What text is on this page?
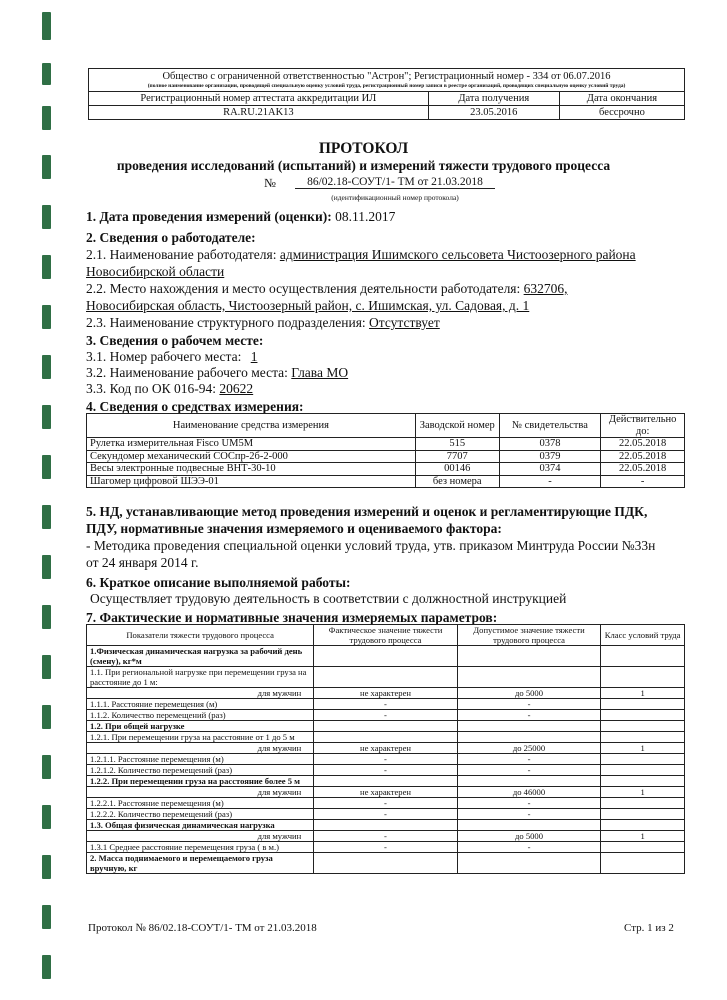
Общество с ограниченной ответственностью "Астрон"; Регистрационный номер - 334 от 06.07.2016
(полное наименование организации, проводящей специальную оценку условий труда, регистрационный номер записи в реестре организаций, проводящих специальную оценку условий труда)		

Регистрационный номер аттестата аккредитации ИЛ	Дата получения	Дата окончания
RA.RU.21AK13	23.05.2016	бессрочно
ПРОТОКОЛ
проведения исследований (испытаний) и измерений тяжести трудового процесса
№	86/02.18-СОУТ/1- ТМ от 21.03.2018
(идентификационный номер протокола)
1. Дата проведения измерений (оценки): 08.11.2017
2. Сведения о работодателе:
2.1. Наименование работодателя: администрация Ишимского сельсовета Чистоозерного района
Новосибирской области
2.2. Место нахождения и место осуществления деятельности работодателя: 632706,
Новосибирская область, Чистоозерный район, с. Ишимская, ул. Садовая, д. 1
2.3. Наименование структурного подразделения: Отсутствует
3. Сведения о рабочем месте:
3.1. Номер рабочего места: 1
3.2. Наименование рабочего места: Глава МО
3.3. Код по ОК 016-94: 20622
4. Сведения о средствах измерения:
Наименование средства измерения	Заводской номер	№ свидетельства	Действительно до:
Рулетка измерительная Fisco UM5M	515	0378	22.05.2018
Секундомер механический СОСпр-2б-2-000	7707	0379	22.05.2018
Весы электронные подвесные ВНТ-30-10	00146	0374	22.05.2018
Шагомер цифровой ШЭЭ-01	без номера	-	-
5. НД, устанавливающие метод проведения измерений и оценок и регламентирующие ПДК,
ПДУ, нормативные значения измеряемого и оцениваемого фактора:
- Методика проведения специальной оценки условий труда, утв. приказом Минтруда России №33н
от 24 января 2014 г.
6. Краткое описание выполняемой работы:
Осуществляет трудовую деятельность в соответствии с должностной инструкцией
7. Фактические и нормативные значения измеряемых параметров:
Показатели тяжести трудового процесса	Фактическое значение тяжести трудового процесса	Допустимое значение тяжести трудового процесса	Класс условий труда
1.Физическая динамическая нагрузка за рабочий день (смену), кг*м			
1.1. При региональной нагрузке при перемещении груза на расстояние до 1 м:			
для мужчин	не характерен	до 5000	1
1.1.1. Расстояние перемещения (м)	-	-	
1.1.2. Количество перемещений (раз)	-	-	
1.2. При общей нагрузке			
1.2.1. При перемещении груза на расстояние от 1 до 5 м			
для мужчин	не характерен	до 25000	1
1.2.1.1. Расстояние перемещения (м)	-	-	
1.2.1.2. Количество перемещений (раз)	-	-	
1.2.2. При перемещении груза на расстояние более 5 м			
для мужчин	не характерен	до 46000	1
1.2.2.1. Расстояние перемещения (м)	-	-	
1.2.2.2. Количество перемещений (раз)	-	-	
1.3. Общая физическая динамическая нагрузка			
для мужчин	-	до 5000	1
1.3.1 Среднее расстояние перемещения груза ( в м.)	-	-	
2. Масса поднимаемого и перемещаемого груза вручную, кг			
Протокол № 86/02.18-СОУТ/1- ТМ от 21.03.2018	Стр. 1 из 2
